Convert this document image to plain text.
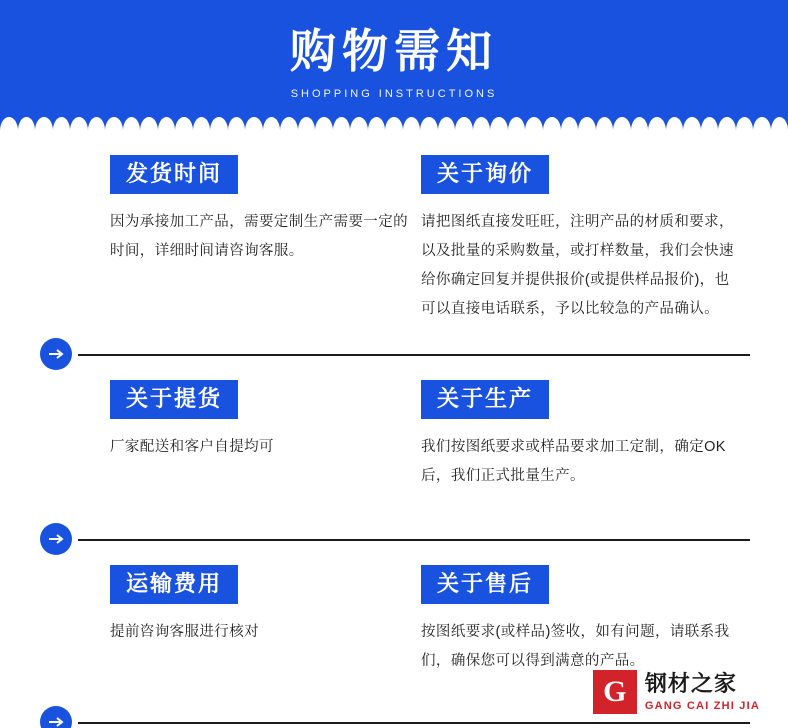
购物需知
SHOPPING INSTRUCTIONS
发货时间
因为承接加工产品，需要定制生产需要一定的时间，详细时间请咨询客服。
关于询价
请把图纸直接发旺旺，注明产品的材质和要求，以及批量的采购数量，或打样数量，我们会快速给你确定回复并提供报价(或提供样品报价)，也可以直接电话联系，予以比较急的产品确认。
关于提货
厂家配送和客户自提均可
关于生产
我们按图纸要求或样品要求加工定制，确定OK后，我们正式批量生产。
运输费用
提前咨询客服进行核对
关于售后
按图纸要求(或样品)签收，如有问题，请联系我们，确保您可以得到满意的产品。
G 钢材之家
GANG CAI ZHI JIA
